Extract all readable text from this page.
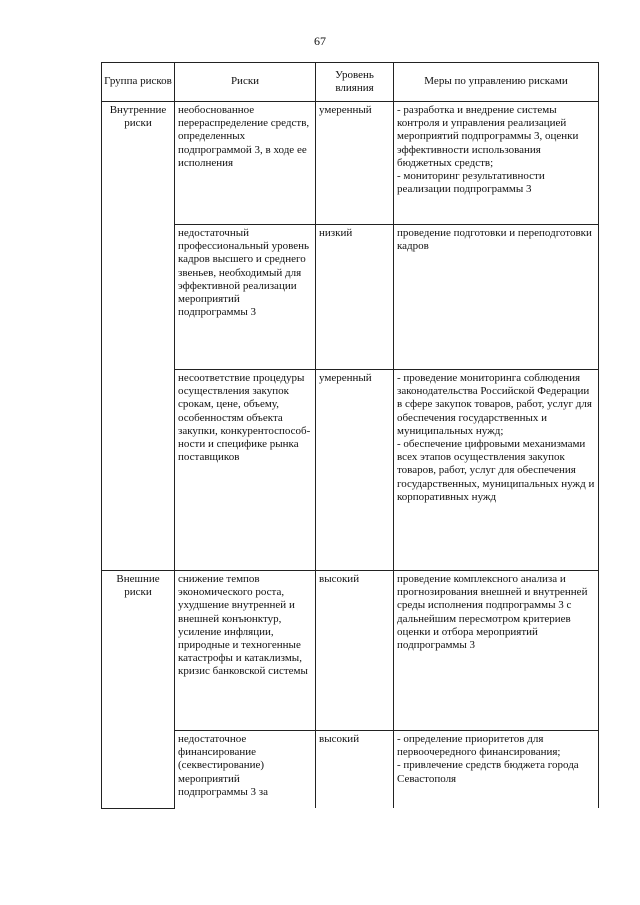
67
Группа рисков	Риски	Уровень влияния	Меры по управлению рисками
Внутренние риски	необоснованное перераспределение средств, определенных подпрограммой 3, в ходе ее исполнения	умеренный	- разработка и внедрение системы контроля и управления реализацией мероприятий подпрограммы 3, оценки эффективности использования бюджетных средств;
- мониторинг результативности реализации подпрограммы 3

	недостаточный профессиональный уровень кадров высшего и среднего звеньев, необходимый для эффективной реализации мероприятий подпрограммы 3	низкий	проведение подготовки и переподготовки кадров

	несоответствие процедуры осуществления закупок срокам, цене, объему, особенностям объекта закупки, конкурентоспособ-ности и специфике рынка поставщиков	умеренный	- проведение мониторинга соблюдения законодательства Российской Федерации в сфере закупок товаров, работ, услуг для обеспечения государственных и муниципальных нужд;
- обеспечение цифровыми механизмами всех этапов осуществления закупок товаров, работ, услуг для обеспечения государственных, муниципальных нужд и корпоративных нужд

Внешние риски	снижение темпов экономического роста, ухудшение внутренней и внешней конъюнктур, усиление инфляции, природные и техногенные катастрофы и катаклизмы, кризис банковской системы	высокий	проведение комплексного анализа и прогнозирования внешней и внутренней среды исполнения подпрограммы 3 с дальнейшим пересмотром критериев оценки и отбора мероприятий подпрограммы 3

	недостаточное финансирование (секвестирование) мероприятий подпрограммы 3 за	высокий	- определение приоритетов для первоочередного финансирования;
- привлечение средств бюджета города Севастополя
